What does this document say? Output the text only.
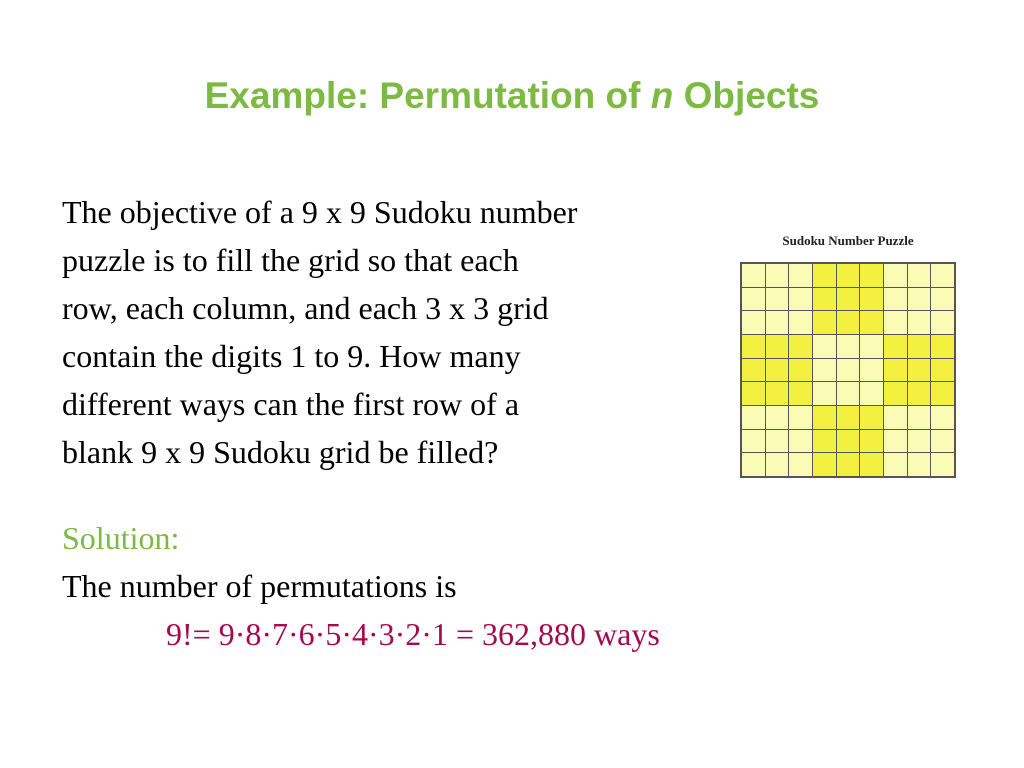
Example: Permutation of n Objects
The objective of a 9 x 9 Sudoku number
puzzle is to fill the grid so that each
row, each column, and each 3 x 3 grid
contain the digits 1 to 9. How many
different ways can the first row of a
blank 9 x 9 Sudoku grid be filled?
Sudoku Number Puzzle
Solution:
The number of permutations is
9!= 9·8·7·6·5·4·3·2·1 = 362,880 ways
